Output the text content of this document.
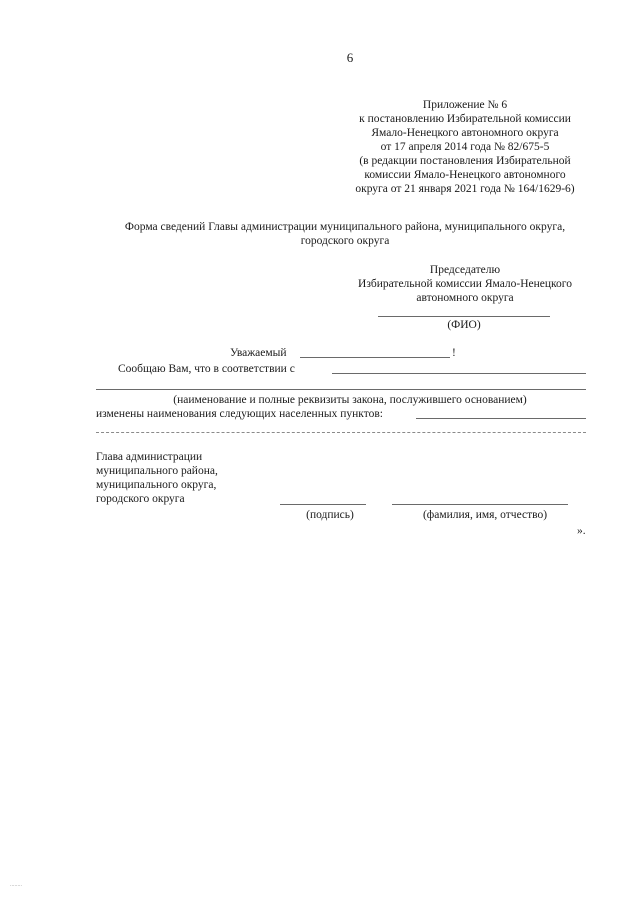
6
Приложение № 6
к постановлению Избирательной комиссии
Ямало-Ненецкого автономного округа
от 17 апреля 2014 года № 82/675-5
(в редакции постановления Избирательной
комиссии Ямало-Ненецкого автономного
округа от 21 января 2021 года № 164/1629-6)
Форма сведений Главы администрации муниципального района, муниципального округа,
городского округа
Председателю
Избирательной комиссии Ямало-Ненецкого
автономного округа
(ФИО)
Уважаемый	!
Сообщаю Вам, что в соответствии с
(наименование и полные реквизиты закона, послужившего основанием)
изменены наименования следующих населенных пунктов:
Глава администрации
муниципального района,
муниципального округа,
городского округа
(подпись)	(фамилия, имя, отчество)
».
........
